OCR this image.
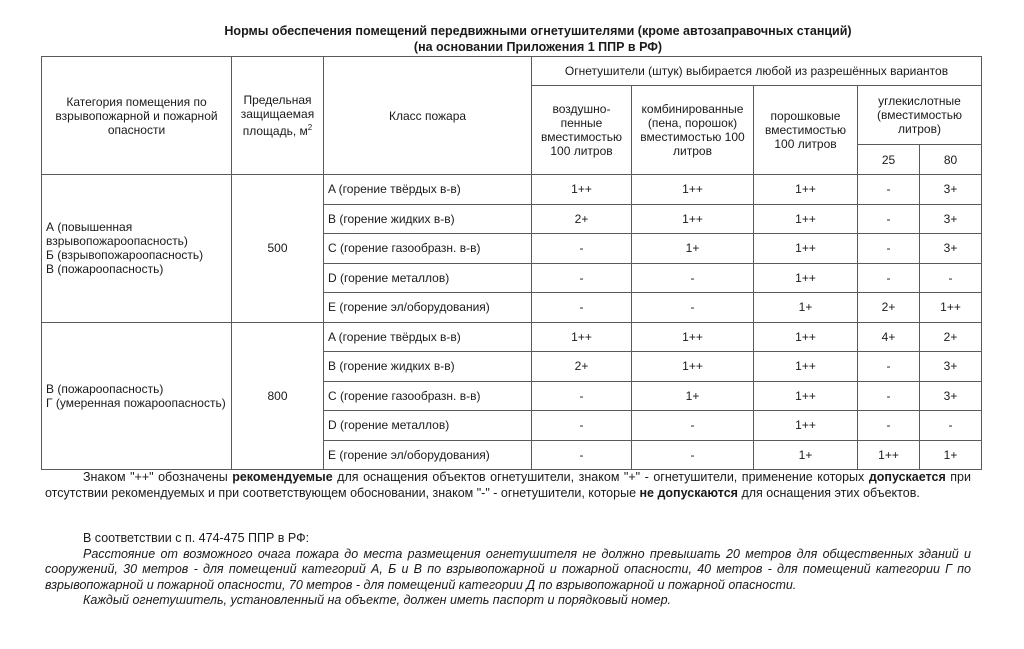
Нормы обеспечения помещений передвижными огнетушителями (кроме автозаправочных станций)
(на основании Приложения 1 ППР в РФ)
Категория помещения по взрывопожарной и пожарной опасности	Предельная защищаемая площадь, $м^2$	Класс пожара	Огнетушители (штук) выбирается любой из разрешённых вариантов				
			воздушно-пенные вместимостью 100 литров	комбинированные (пена, порошок) вместимостью 100 литров	порошковые вместимостью 100 литров	углекислотные (вместимостью литров)	
						25	80
А (повышенная взрывопожароопасность)
Б (взрывопожароопасность)
В (пожароопасность)	500	A (горение твёрдых в-в)	1++	1++	1++	-	3+
		B (горение жидких в-в)	2+	1++	1++	-	3+
		C (горение газообразн. в-в)	-	1+	1++	-	3+
		D (горение металлов)	-	-	1++	-	-
		E (горение эл/оборудования)	-	-	1+	2+	1++
В (пожароопасность)
Г (умеренная пожароопасность)	800	A (горение твёрдых в-в)	1++	1++	1++	4+	2+
		B (горение жидких в-в)	2+	1++	1++	-	3+
		C (горение газообразн. в-в)	-	1+	1++	-	3+
		D (горение металлов)	-	-	1++	-	-
		E (горение эл/оборудования)	-	-	1+	1++	1+
Знаком "++" обозначены рекомендуемые для оснащения объектов огнетушители, знаком "+" - огнетушители, применение которых допускается при отсутствии рекомендуемых и при соответствующем обосновании, знаком "-" - огнетушители, которые не допускаются для оснащения этих объектов.
В соответствии с п. 474-475 ППР в РФ:
Расстояние от возможного очага пожара до места размещения огнетушителя не должно превышать 20 метров для общественных зданий и сооружений, 30 метров - для помещений категорий А, Б и В по взрывопожарной и пожарной опасности, 40 метров - для помещений категории Г по взрывопожарной и пожарной опасности, 70 метров - для помещений категории Д по взрывопожарной и пожарной опасности.
Каждый огнетушитель, установленный на объекте, должен иметь паспорт и порядковый номер.
